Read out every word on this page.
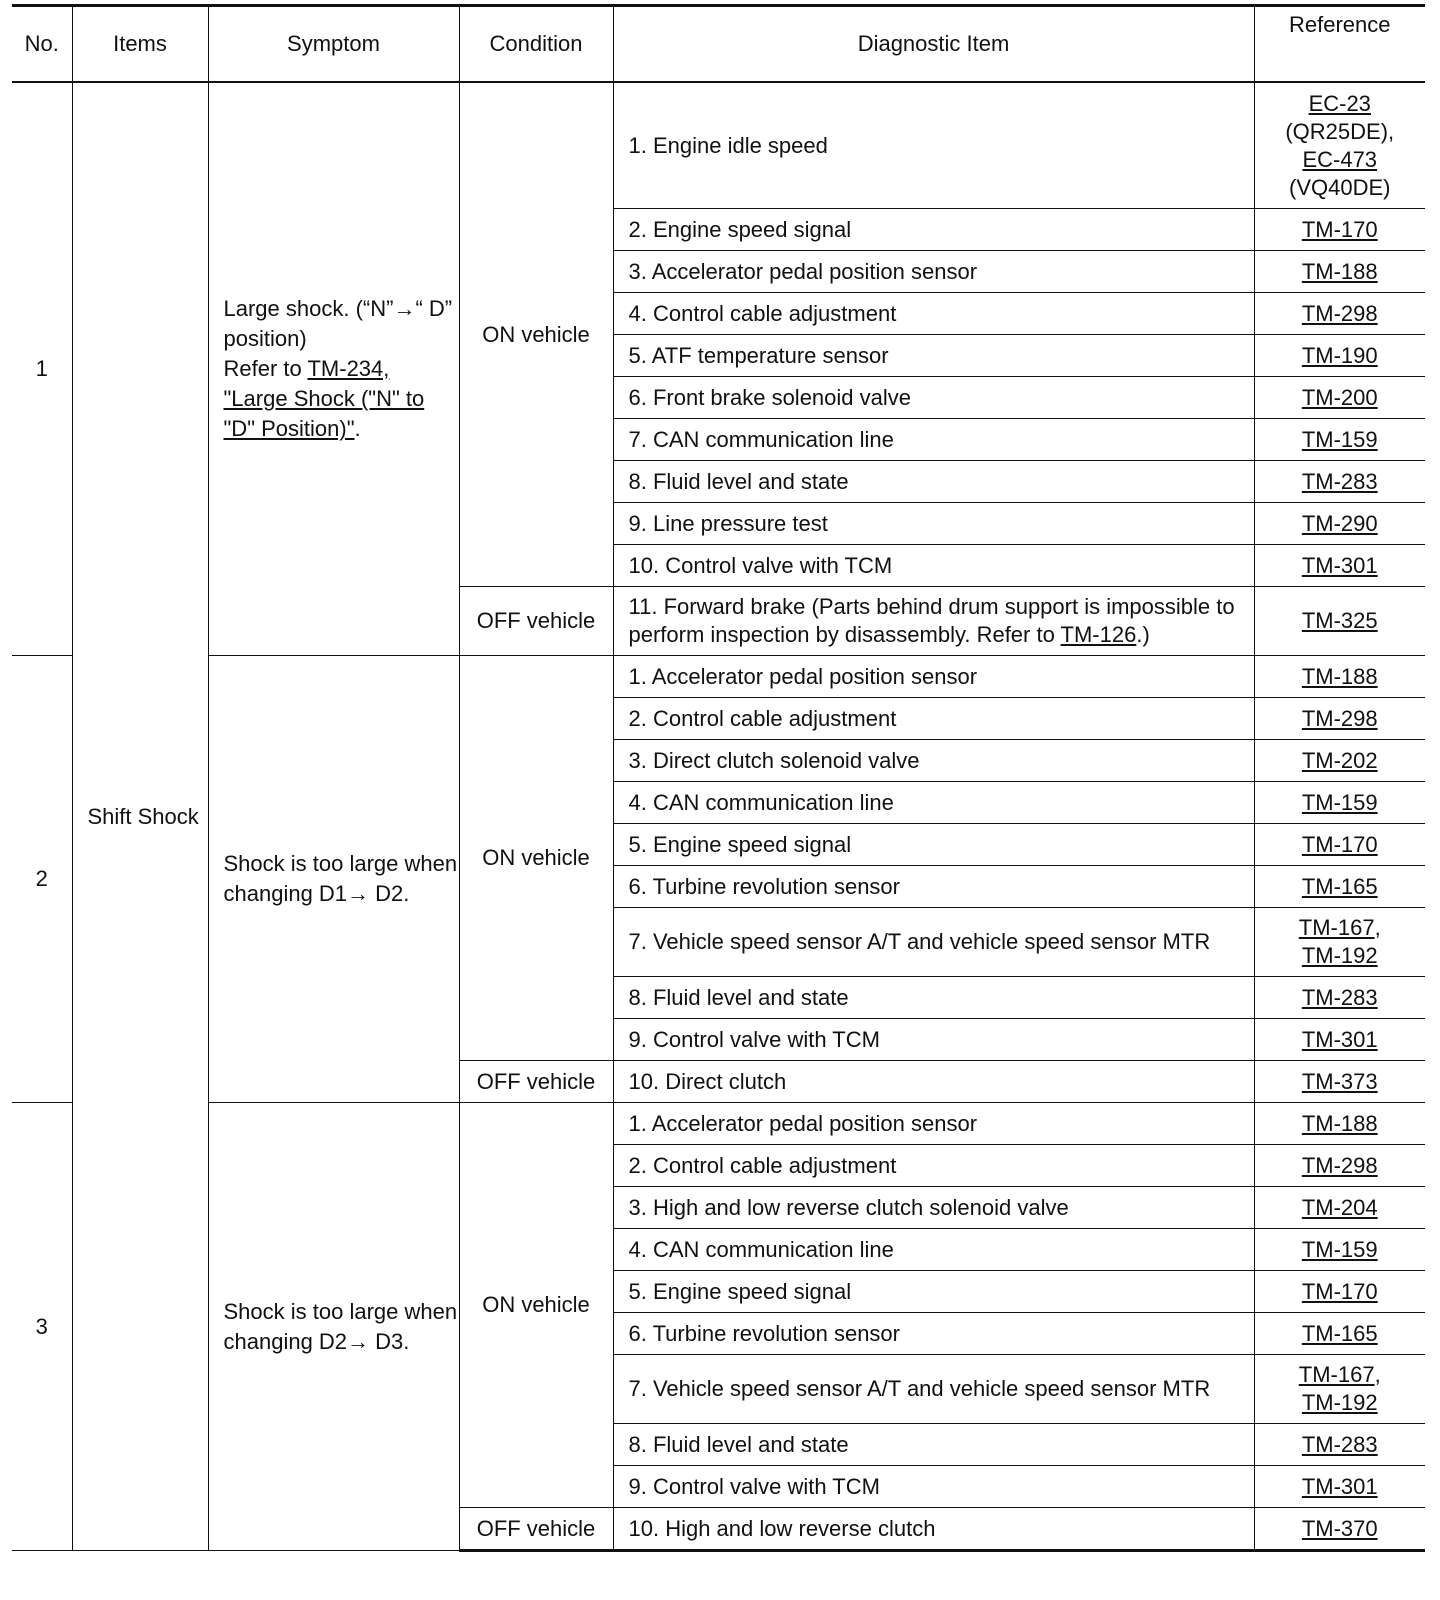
No.	Items	Symptom	Condition	Diagnostic Item	Reference
1	Shift Shock	Large shock. (“N”→“ D” position)
Refer to TM-234, "Large Shock ("N" to "D" Position)".	ON vehicle	1. Engine idle speed	EC-23
(QR25DE),
EC-473
(VQ40DE)
				2. Engine speed signal	TM-170
				3. Accelerator pedal position sensor	TM-188
				4. Control cable adjustment	TM-298
				5. ATF temperature sensor	TM-190
				6. Front brake solenoid valve	TM-200
				7. CAN communication line	TM-159
				8. Fluid level and state	TM-283
				9. Line pressure test	TM-290
				10. Control valve with TCM	TM-301
			OFF vehicle	11. Forward brake (Parts behind drum support is impossible to perform inspection by disassembly. Refer to TM-126.)	TM-325
2		Shock is too large when changing D1→ D2.	ON vehicle	1. Accelerator pedal position sensor	TM-188
				2. Control cable adjustment	TM-298
				3. Direct clutch solenoid valve	TM-202
				4. CAN communication line	TM-159
				5. Engine speed signal	TM-170
				6. Turbine revolution sensor	TM-165
				7. Vehicle speed sensor A/T and vehicle speed sensor MTR	TM-167,
TM-192
				8. Fluid level and state	TM-283
				9. Control valve with TCM	TM-301
			OFF vehicle	10. Direct clutch	TM-373
3		Shock is too large when changing D2→ D3.	ON vehicle	1. Accelerator pedal position sensor	TM-188
				2. Control cable adjustment	TM-298
				3. High and low reverse clutch solenoid valve	TM-204
				4. CAN communication line	TM-159
				5. Engine speed signal	TM-170
				6. Turbine revolution sensor	TM-165
				7. Vehicle speed sensor A/T and vehicle speed sensor MTR	TM-167,
TM-192
				8. Fluid level and state	TM-283
				9. Control valve with TCM	TM-301
			OFF vehicle	10. High and low reverse clutch	TM-370
